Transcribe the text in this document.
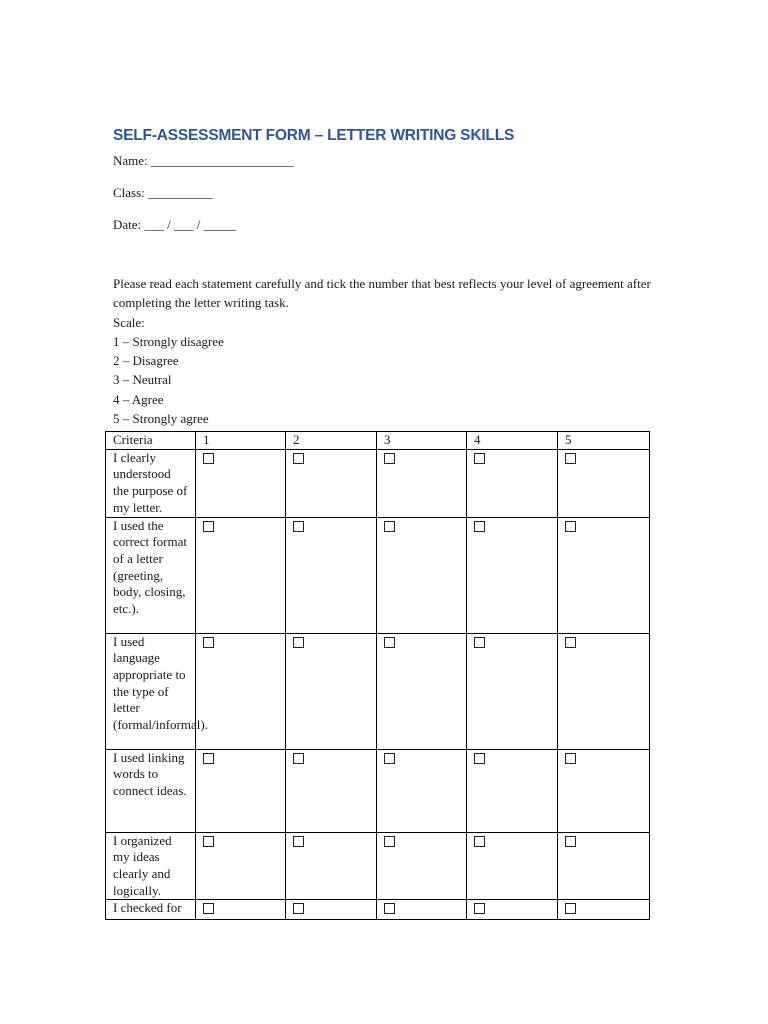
SELF-ASSESSMENT FORM – LETTER WRITING SKILLS
Name: ______________________
Class: __________
Date: ___ / ___ / _____

Please read each statement carefully and tick the number that best reflects your level of agreement after completing the letter writing task.

Scale:
1 – Strongly disagree
2 – Disagree
3 – Neutral
4 – Agree
5 – Strongly agree
Criteria	1	2	3	4	5
I clearly understood the purpose of my letter.					
I used the correct format of a letter (greeting, body, closing, etc.).					
I used language appropriate to the type of letter (formal/informal).					
I used linking words to connect ideas.					
I organized my ideas clearly and logically.					
I checked for					
